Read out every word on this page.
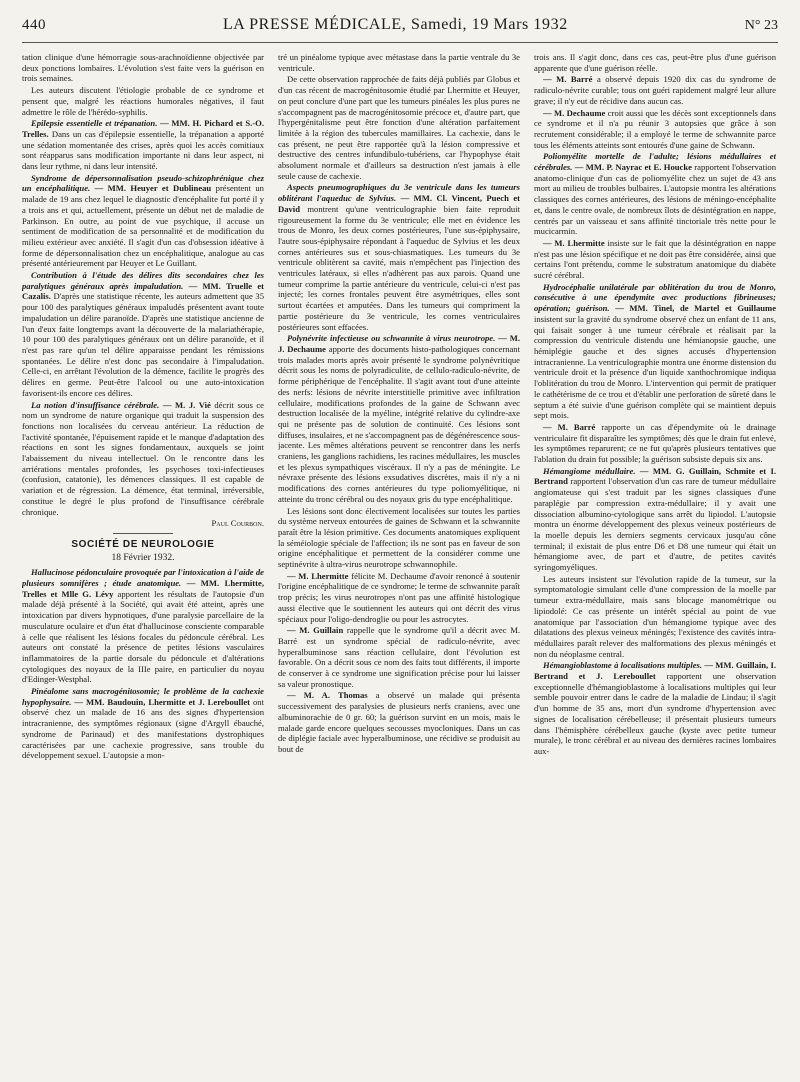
440	LA PRESSE MÉDICALE, Samedi, 19 Mars 1932	N° 23

tation clinique d'une hémorragie sous-arachnoïdienne objectivée par deux ponctions lombaires. L'évolution s'est faite vers la guérison en trois semaines.

Les auteurs discutent l'étiologie probable de ce syndrome et pensent que, malgré les réactions humorales négatives, il faut admettre le rôle de l'hérédo-syphilis.

Epilepsie essentielle et trépanation. — MM. H. Pichard et S.-O. Trelles. Dans un cas d'épilepsie essentielle, la trépanation a apporté une sédation momentanée des crises, après quoi les accès comitiaux sont réapparus sans modification importante ni dans leur aspect, ni dans leur rythme, ni dans leur intensité.

Syndrome de dépersonnalisation pseudo-schizophrénique chez un encéphalitique. — MM. Heuyer et Dublineau présentent un malade de 19 ans chez lequel le diagnostic d'encéphalite fut porté il y a trois ans et qui, actuellement, présente un début net de maladie de Parkinson. En outre, au point de vue psychique, il accuse un sentiment de modification de sa personnalité et de modification du milieu extérieur avec anxiété. Il s'agit d'un cas d'obsession idéative à forme de dépersonnalisation chez un encéphalitique, analogue au cas présenté antérieurement par Heuyer et Le Guillant.

Contribution à l'étude des délires dits secondaires chez les paralytiques généraux après impaludation. — MM. Truelle et Cazalis. D'après une statistique récente, les auteurs admettent que 35 pour 100 des paralytiques généraux impaludés présentent avant toute impaludation un délire paranoïde. D'après une statistique ancienne de l'un d'eux faite longtemps avant la découverte de la malariathérapie, 10 pour 100 des paralytiques généraux ont un délire paranoïde, et il n'est pas rare qu'un tel délire apparaisse pendant les rémissions spontanées. Le délire n'est donc pas secondaire à l'impaludation. Celle-ci, en arrêtant l'évolution de la démence, facilite le progrès des délires en germe. Peut-être l'alcool ou une auto-intoxication favorisent-ils encore ces délires.

La notion d'insuffisance cérébrale. — M. J. Vié décrit sous ce nom un syndrome de nature organique qui traduit la suspension des fonctions non localisées du cerveau antérieur. La réduction de l'activité spontanée, l'épuisement rapide et le manque d'adaptation des réactions en sont les signes fondamentaux, auxquels se joint l'abaissement du niveau intellectuel. On le rencontre dans les arriérations mentales profondes, les psychoses toxi-infectieuses (confusion, catatonie), les démences classiques. Il est capable de variation et de régression. La démence, état terminal, irréversible, constitue le degré le plus profond de l'insuffisance cérébrale chronique.

Paul Courbon.

SOCIÉTÉ DE NEUROLOGIE
18 Février 1932.

Hallucinose pédonculaire provoquée par l'intoxication à l'aide de plusieurs somnifères ; étude anatomique. — MM. Lhermitte, Trelles et Mlle G. Lévy apportent les résultats de l'autopsie d'un malade déjà présenté à la Société, qui avait été atteint, après une intoxication par divers hypnotiques, d'une paralysie parcellaire de la musculature oculaire et d'un état d'hallucinose consciente comparable à celle que réalisent les lésions focales du pédoncule cérébral. Les auteurs ont constaté la présence de petites lésions vasculaires inflammatoires de la partie dorsale du pédoncule et d'altérations cytologiques des noyaux de la IIIe paire, en particulier du noyau d'Edinger-Westphal.

Pinéalome sans macrogénitosomie; le problème de la cachexie hypophysaire. — MM. Baudouin, Lhermitte et J. Lereboullet ont observé chez un malade de 16 ans des signes d'hypertension intracranienne, des symptômes régionaux (signe d'Argyll ébauché, syndrome de Parinaud) et des manifestations dystrophiques caractérisées par une cachexie progressive, sans trouble du développement sexuel. L'autopsie a mon-

tré un pinéalome typique avec métastase dans la partie ventrale du 3e ventricule.

De cette observation rapprochée de faits déjà publiés par Globus et d'un cas récent de macrogénitosomie étudié par Lhermitte et Heuyer, on peut conclure d'une part que les tumeurs pinéales les plus pures ne s'accompagnent pas de macrogénitosomie précoce et, d'autre part, que l'hypergénitalisme peut être fonction d'une altération parfaitement limitée à la région des tubercules mamillaires. La cachexie, dans le cas présent, ne peut être rapportée qu'à la lésion compressive et destructive des centres infundibulo-tubériens, car l'hypophyse était absolument normale et d'ailleurs sa destruction n'est jamais à elle seule cause de cachexie.

Aspects pneumographiques du 3e ventricule dans les tumeurs oblitérant l'aqueduc de Sylvius. — MM. Cl. Vincent, Puech et David montrent qu'une ventriculographie bien faite reproduit rigoureusement la forme du 3e ventricule; elle met en évidence les trous de Monro, les deux cornes postérieures, l'une sus-épiphysaire, l'autre sous-épiphysaire répondant à l'aqueduc de Sylvius et les deux cornes antérieures sus et sous-chiasmatiques. Les tumeurs du 3e ventricule oblitèrent sa cavité, mais n'empêchent pas l'injection des ventricules latéraux, si elles n'adhèrent pas aux parois. Quand une tumeur comprime la partie antérieure du ventricule, celui-ci n'est pas injecté; les cornes frontales peuvent être asymétriques, elles sont surtout écartées et amputées. Dans les tumeurs qui compriment la partie postérieure du 3e ventricule, les cornes ventriculaires postérieures sont effacées.

Polynévrite infectieuse ou schwannite à virus neurotrope. — M. J. Dechaume apporte des documents histo-pathologiques concernant trois malades morts après avoir présenté le syndrome polynévritique décrit sous les noms de polyradiculite, de cellulo-radiculo-névrite, de forme périphérique de l'encéphalite. Il s'agit avant tout d'une atteinte des nerfs: lésions de névrite interstitielle primitive avec infiltration cellulaire, modifications profondes de la gaine de Schwann avec destruction localisée de la myéline, intégrité relative du cylindre-axe qui ne présente pas de solution de continuité. Ces lésions sont diffuses, insulaires, et ne s'accompagnent pas de dégénérescence sous-jacente. Les mêmes altérations peuvent se rencontrer dans les nerfs craniens, les ganglions rachidiens, les racines médullaires, les muscles et les plexus sympathiques viscéraux. Il n'y a pas de méningite. Le névraxe présente des lésions exsudatives discrètes, mais il n'y a ni modifications des cornes antérieures du type poliomyélitique, ni atteinte du tronc cérébral ou des noyaux gris du type encéphalitique.

Les lésions sont donc électivement localisées sur toutes les parties du système nerveux entourées de gaines de Schwann et la schwannite paraît être la lésion primitive. Ces documents anatomiques expliquent la séméiologie spéciale de l'affection; ils ne sont pas en faveur de son origine encéphalitique et permettent de la considérer comme une septinévrite à ultra-virus neurotrope schwannophile.

— M. Lhermitte félicite M. Dechaume d'avoir renoncé à soutenir l'origine encéphalitique de ce syndrome; le terme de schwannite paraît trop précis; les virus neurotropes n'ont pas une affinité histologique aussi élective que le soutiennent les auteurs qui ont décrit des virus spéciaux pour l'oligo-dendroglie ou pour les astrocytes.

— M. Guillain rappelle que le syndrome qu'il a décrit avec M. Barré est un syndrome spécial de radiculo-névrite, avec hyperalbuminose sans réaction cellulaire, dont l'évolution est favorable. On a décrit sous ce nom des faits tout différents, il importe de conserver à ce syndrome une signification précise pour lui laisser sa valeur pronostique.

— M. A. Thomas a observé un malade qui présenta successivement des paralysies de plusieurs nerfs craniens, avec une albuminorachie de 0 gr. 60; la guérison survint en un mois, mais le malade garde encore quelques secousses myocloniques. Dans un cas de diplégie faciale avec hyperalbuminose, une récidive se produisit au bout de

trois ans. Il s'agit donc, dans ces cas, peut-être plus d'une guérison apparente que d'une guérison réelle.

— M. Barré a observé depuis 1920 dix cas du syndrome de radiculo-névrite curable; tous ont guéri rapidement malgré leur allure grave; il n'y eut de récidive dans aucun cas.

— M. Dechaume croit aussi que les décès sont exceptionnels dans ce syndrome et il n'a pu réunir 3 autopsies que grâce à son recrutement considérable; il a employé le terme de schwannite parce tous les éléments atteints sont entourés d'une gaine de Schwann.

Poliomyélite mortelle de l'adulte; lésions médullaires et cérébrales. — MM. P. Nayrac et E. Houcke rapportent l'observation anatomo-clinique d'un cas de poliomyélite chez un sujet de 43 ans mort au milieu de troubles bulbaires. L'autopsie montra les altérations classiques des cornes antérieures, des lésions de méningo-encéphalite et, dans le centre ovale, de nombreux îlots de désintégration en nappe, centrés par un vaisseau et sans affinité tinctoriale très nette pour le mucicarmin.

— M. Lhermitte insiste sur le fait que la désintégration en nappe n'est pas une lésion spécifique et ne doit pas être considérée, ainsi que certains l'ont prétendu, comme le substratum anatomique du diabète sucré cérébral.

Hydrocéphalie unilatérale par oblitération du trou de Monro, consécutive à une épendymite avec productions fibrineuses; opération; guérison. — MM. Tinel, de Martel et Guillaume insistent sur la gravité du syndrome observé chez un enfant de 11 ans, qui faisait songer à une tumeur cérébrale et réalisait par la compression du ventricule distendu une hémianopsie gauche, une hémiplégie gauche et des signes accusés d'hypertension intracranienne. La ventriculographie montra une énorme distension du ventricule droit et la présence d'un liquide xanthochromique indiqua l'oblitération du trou de Monro. L'intervention qui permit de pratiquer le cathétérisme de ce trou et d'établir une perforation de sûreté dans le septum a été suivie d'une guérison complète qui se maintient depuis sept mois.

— M. Barré rapporte un cas d'épendymite où le drainage ventriculaire fit disparaître les symptômes; dès que le drain fut enlevé, les symptômes reparurent; ce ne fut qu'après plusieurs tentatives que l'ablation du drain fut possible; la guérison subsiste depuis six ans.

Hémangiome médullaire. — MM. G. Guillain, Schmite et I. Bertrand rapportent l'observation d'un cas rare de tumeur médullaire angiomateuse qui s'est traduit par les signes classiques d'une paraplégie par compression extra-médullaire; il y avait une dissociation albumino-cytologique sans arrêt du lipiodol. L'autopsie montra un énorme développement des plexus veineux postérieurs de la moelle depuis les derniers segments cervicaux jusqu'au cône terminal; il existait de plus entre D6 et D8 une tumeur qui était un hémangiome avec, de part et d'autre, de petites cavités syringomyéliques.

Les auteurs insistent sur l'évolution rapide de la tumeur, sur la symptomatologie simulant celle d'une compression de la moelle par tumeur extra-médullaire, mais sans blocage manométrique ou lipiodolé: Ce cas présente un intérêt spécial au point de vue anatomique par l'association d'un hémangiome typique avec des dilatations des plexus veineux méningés; l'existence des cavités intra-médullaires paraît relever des malformations des plexus méningés et non du néoplasme central.

Hémangioblastome à localisations multiples. — MM. Guillain, I. Bertrand et J. Lereboullet rapportent une observation exceptionnelle d'hémangioblastome à localisations multiples qui leur semble pouvoir entrer dans le cadre de la maladie de Lindau; il s'agit d'un homme de 35 ans, mort d'un syndrome d'hypertension avec signes de localisation cérébelleuse; il présentait plusieurs tumeurs dans l'hémisphère cérébelleux gauche (kyste avec petite tumeur murale), le tronc cérébral et au niveau des dernières racines lombaires aux-
